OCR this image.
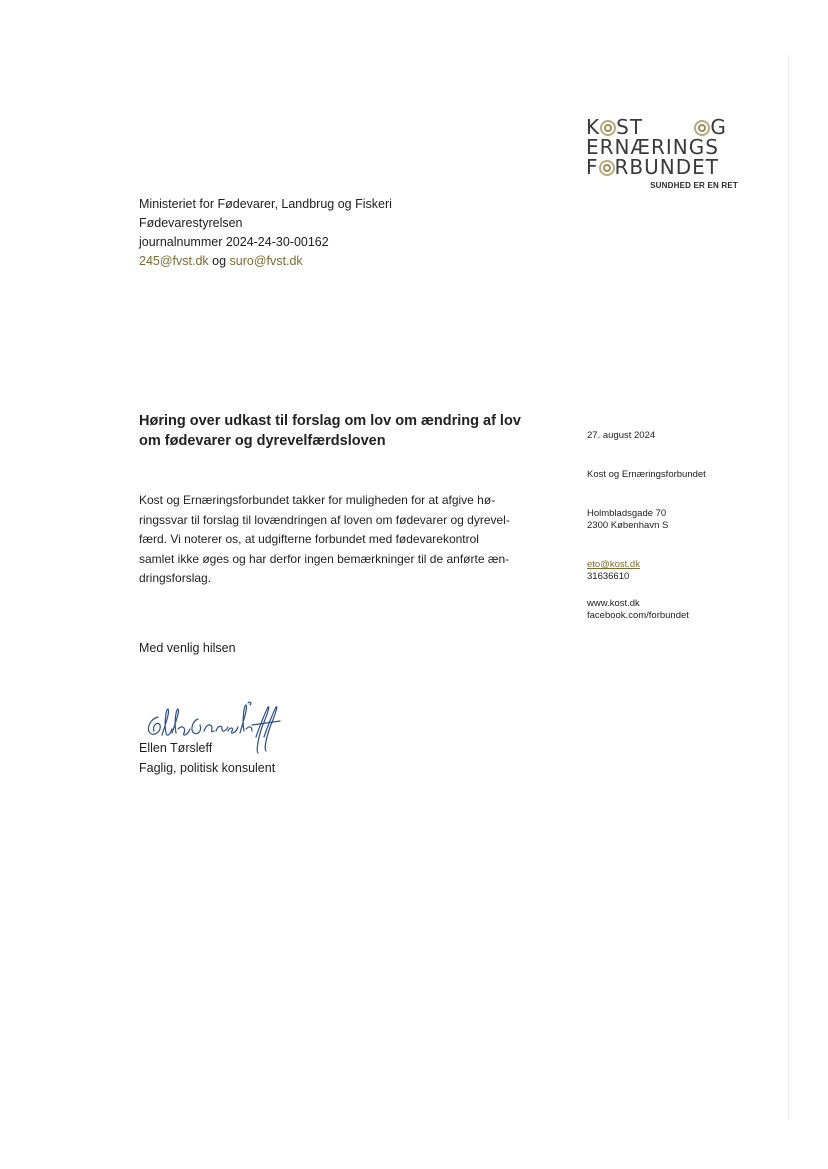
K ST	G
ERNÆRINGS
F RBUNDET
SUNDHED ER EN RET
Ministeriet for Fødevarer, Landbrug og Fiskeri
Fødevarestyrelsen
journalnummer 2024-24-30-00162
245@fvst.dk og suro@fvst.dk
Høring over udkast til forslag om lov om ændring af lov
om fødevarer og dyrevelfærdsloven	27. august 2024
Kost og Ernæringsforbundet
Holmbladsgade 70
2300 København S
eto@kost.dk
31636610
www.kost.dk
facebook.com/forbundet
Kost og Ernæringsforbundet takker for muligheden for at afgive hø-
ringssvar til forslag til lovændringen af loven om fødevarer og dyrevel-
færd. Vi noterer os, at udgifterne forbundet med fødevarekontrol
samlet ikke øges og har derfor ingen bemærkninger til de anførte æn-
dringsforslag.
Med venlig hilsen
Ellen Tørsleff
Faglig, politisk konsulent
